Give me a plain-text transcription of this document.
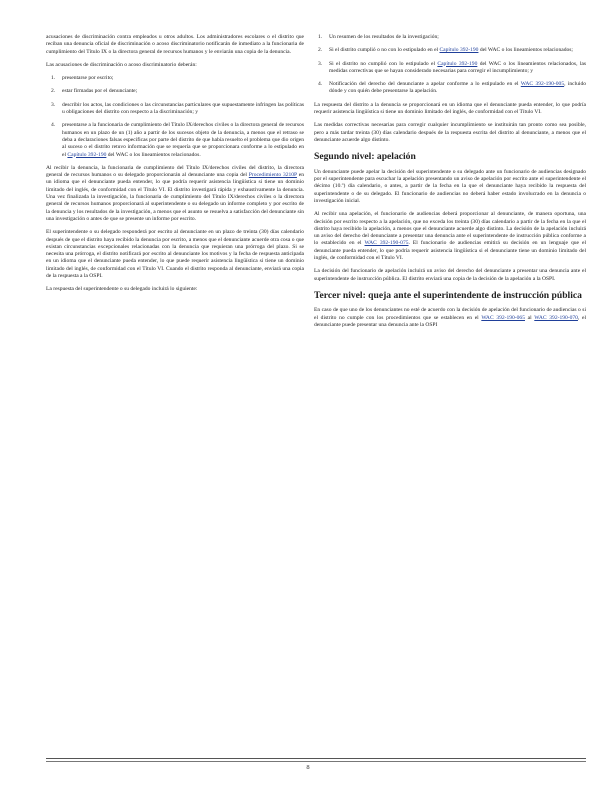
acusaciones de discriminación contra empleados u otros adultos. Los administradores escolares o el distrito que reciban una denuncia oficial de discriminación o acoso discriminatorio notificarán de inmediato a la funcionaria de cumplimiento del Título IX o la directora general de recursos humanos y le enviarán una copia de la denuncia.

Las acusaciones de discriminación o acoso discriminatorio deberán:

1. presentarse por escrito;
2. estar firmadas por el denunciante;
3. describir los actos, las condiciones o las circunstancias particulares que supuestamente infringen las políticas u obligaciones del distrito con respecto a la discriminación; y
4. presentarse a la funcionaria de cumplimiento del Título IX/derechos civiles o la directora general de recursos humanos en un plazo de un (1) año a partir de los sucesos objeto de la denuncia, a menos que el retraso se deba a declaraciones falsas específicas por parte del distrito de que había resuelto el problema que dio origen al suceso o el distrito retuvo información que se requería que se proporcionara conforme a lo estipulado en el Capítulo 392-190 del WAC o los lineamientos relacionados.

Al recibir la denuncia, la funcionaria de cumplimiento del Título IX/derechos civiles del distrito, la directora general de recursos humanos o su delegado proporcionarán al denunciante una copia del Procedimiento 3210P en un idioma que el denunciante pueda entender, lo que podría requerir asistencia lingüística si tiene un dominio limitado del inglés, de conformidad con el Título VI. El distrito investigará rápida y exhaustivamente la denuncia. Una vez finalizada la investigación, la funcionaria de cumplimiento del Título IX/derechos civiles o la directora general de recursos humanos proporcionará al superintendente o su delegado un informe completo y por escrito de la denuncia y los resultados de la investigación, a menos que el asunto se resuelva a satisfacción del denunciante sin una investigación o antes de que se presente un informe por escrito.

El superintendente o su delegado responderá por escrito al denunciante en un plazo de treinta (30) días calendario después de que el distrito haya recibido la denuncia por escrito, a menos que el denunciante acuerde otra cosa o que existan circunstancias excepcionales relacionadas con la denuncia que requieran una prórroga del plazo. Si se necesita una prórroga, el distrito notificará por escrito al denunciante los motivos y la fecha de respuesta anticipada en un idioma que el denunciante pueda entender, lo que puede requerir asistencia lingüística si tiene un dominio limitado del inglés, de conformidad con el Título VI. Cuando el distrito responda al denunciante, enviará una copia de la respuesta a la OSPI.

La respuesta del superintendente o su delegado incluirá lo siguiente:

1. Un resumen de los resultados de la investigación;
2. Si el distrito cumplió o no con lo estipulado en el Capítulo 392-190 del WAC o los lineamientos relacionados;
3. Si el distrito no cumplió con lo estipulado el Capítulo 392-190 del WAC o los lineamientos relacionados, las medidas correctivas que se hayan considerado necesarias para corregir el incumplimiento; y
4. Notificación del derecho del denunciante a apelar conforme a lo estipulado en el WAC 392-190-005, incluido dónde y con quién debe presentarse la apelación.

La respuesta del distrito a la denuncia se proporcionará en un idioma que el denunciante pueda entender, lo que podría requerir asistencia lingüística si tiene un dominio limitado del inglés, de conformidad con el Título VI.

Las medidas correctivas necesarias para corregir cualquier incumplimiento se instituirán tan pronto como sea posible, pero a más tardar treinta (30) días calendario después de la respuesta escrita del distrito al denunciante, a menos que el denunciante acuerde algo distinto.

Segundo nivel: apelación

Un denunciante puede apelar la decisión del superintendente o su delegado ante un funcionario de audiencias designado por el superintendente para escuchar la apelación presentando un aviso de apelación por escrito ante el superintendente el décimo (10.º) día calendario, o antes, a partir de la fecha en la que el denunciante haya recibido la respuesta del superintendente o de su delegado. El funcionario de audiencias no deberá haber estado involucrado en la denuncia o investigación inicial.

Al recibir una apelación, el funcionario de audiencias deberá proporcionar al denunciante, de manera oportuna, una decisión por escrito respecto a la apelación, que no exceda los treinta (30) días calendario a partir de la fecha en la que el distrito haya recibido la apelación, a menos que el denunciante acuerde algo distinto. La decisión de la apelación incluirá un aviso del derecho del denunciante a presentar una denuncia ante el superintendente de instrucción pública conforme a lo establecido en el WAC 392-190-075. El funcionario de audiencias emitirá su decisión en un lenguaje que el denunciante pueda entender, lo que podría requerir asistencia lingüística si el denunciante tiene un dominio limitado del inglés, de conformidad con el Título VI.

La decisión del funcionario de apelación incluirá un aviso del derecho del denunciante a presentar una denuncia ante el superintendente de instrucción pública. El distrito enviará una copia de la decisión de la apelación a la OSPI.

Tercer nivel: queja ante el superintendente de instrucción pública

En caso de que uno de los denunciantes no esté de acuerdo con la decisión de apelación del funcionario de audiencias o si el distrito no cumple con los procedimientos que se establecen en el WAC 392-190-065 al WAC 392-190-070, el denunciante puede presentar una denuncia ante la OSPI

8
